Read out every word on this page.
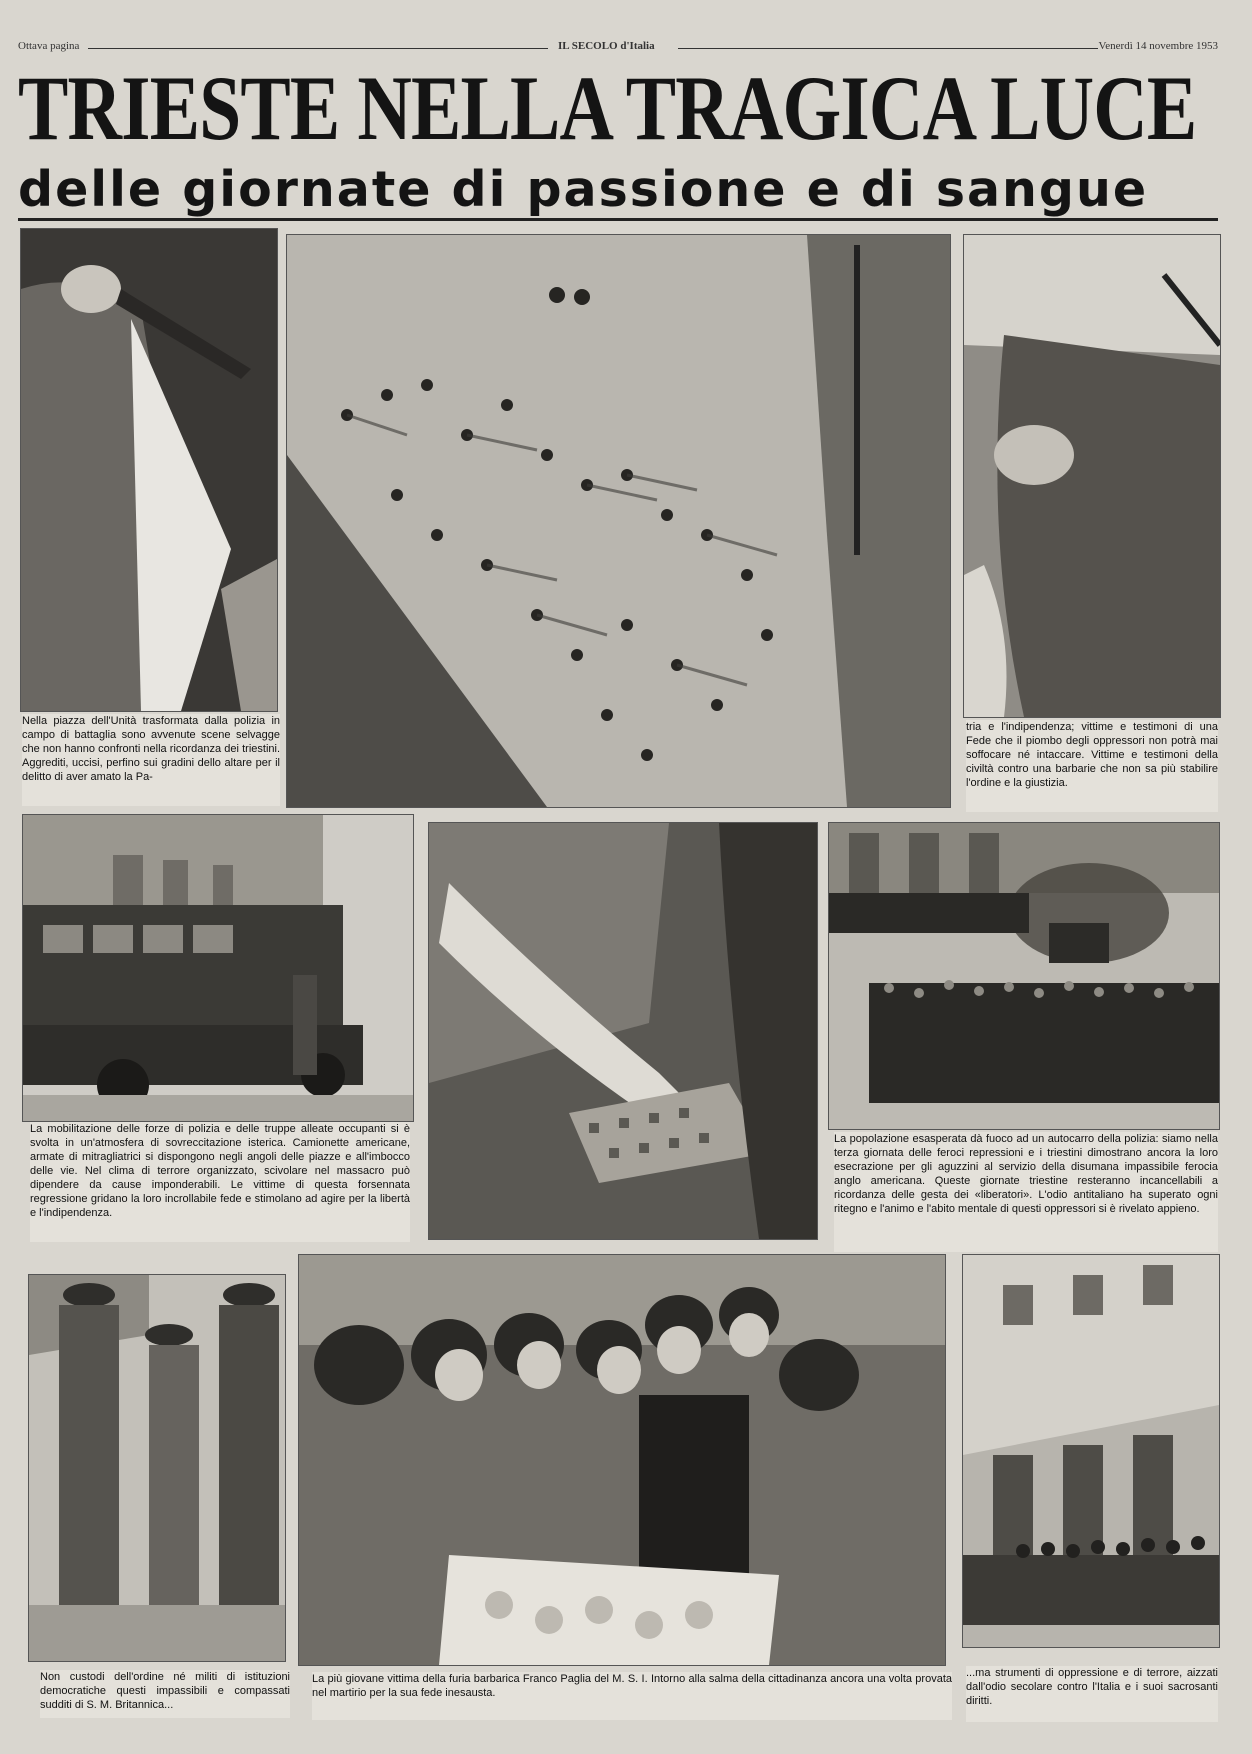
Ottava pagina	IL SECOLO d'Italia	Venerdì 14 novembre 1953
TRIESTE NELLA TRAGICA LUCE
delle giornate di passione e di sangue
Nella piazza dell'Unità trasformata dalla polizia in campo di battaglia sono avvenute scene selvagge che non hanno confronti nella ricordanza dei triestini. Aggrediti, uccisi, perfino sui gradini dello altare per il delitto di aver amato la Pa-
tria e l'indipendenza; vittime e testimoni di una Fede che il piombo degli oppressori non potrà mai soffocare né intaccare. Vittime e testimoni della civiltà contro una barbarie che non sa più stabilire l'ordine e la giustizia.
La mobilitazione delle forze di polizia e delle truppe alleate occupanti si è svolta in un'atmosfera di sovreccitazione isterica. Camionette americane, armate di mitragliatrici si dispongono negli angoli delle piazze e all'imbocco delle vie. Nel clima di terrore organizzato, scivolare nel massacro può dipendere da cause imponderabili. Le vittime di questa forsennata regressione gridano la loro incrollabile fede e stimolano ad agire per la libertà e l'indipendenza.
La popolazione esasperata dà fuoco ad un autocarro della polizia: siamo nella terza giornata delle feroci repressioni e i triestini dimostrano ancora la loro esecrazione per gli aguzzini al servizio della disumana impassibile ferocia anglo americana. Queste giornate triestine resteranno incancellabili a ricordanza delle gesta dei «liberatori». L'odio antitaliano ha superato ogni ritegno e l'animo e l'abito mentale di questi oppressori si è rivelato appieno.
Non custodi dell'ordine né militi di istituzioni democratiche questi impassibili e compassati sudditi di S. M. Britannica...
La più giovane vittima della furia barbarica Franco Paglia del M. S. I. Intorno alla salma della cittadinanza ancora una volta provata nel martirio per la sua fede inesausta.
...ma strumenti di oppressione e di terrore, aizzati dall'odio secolare contro l'Italia e i suoi sacrosanti diritti.
